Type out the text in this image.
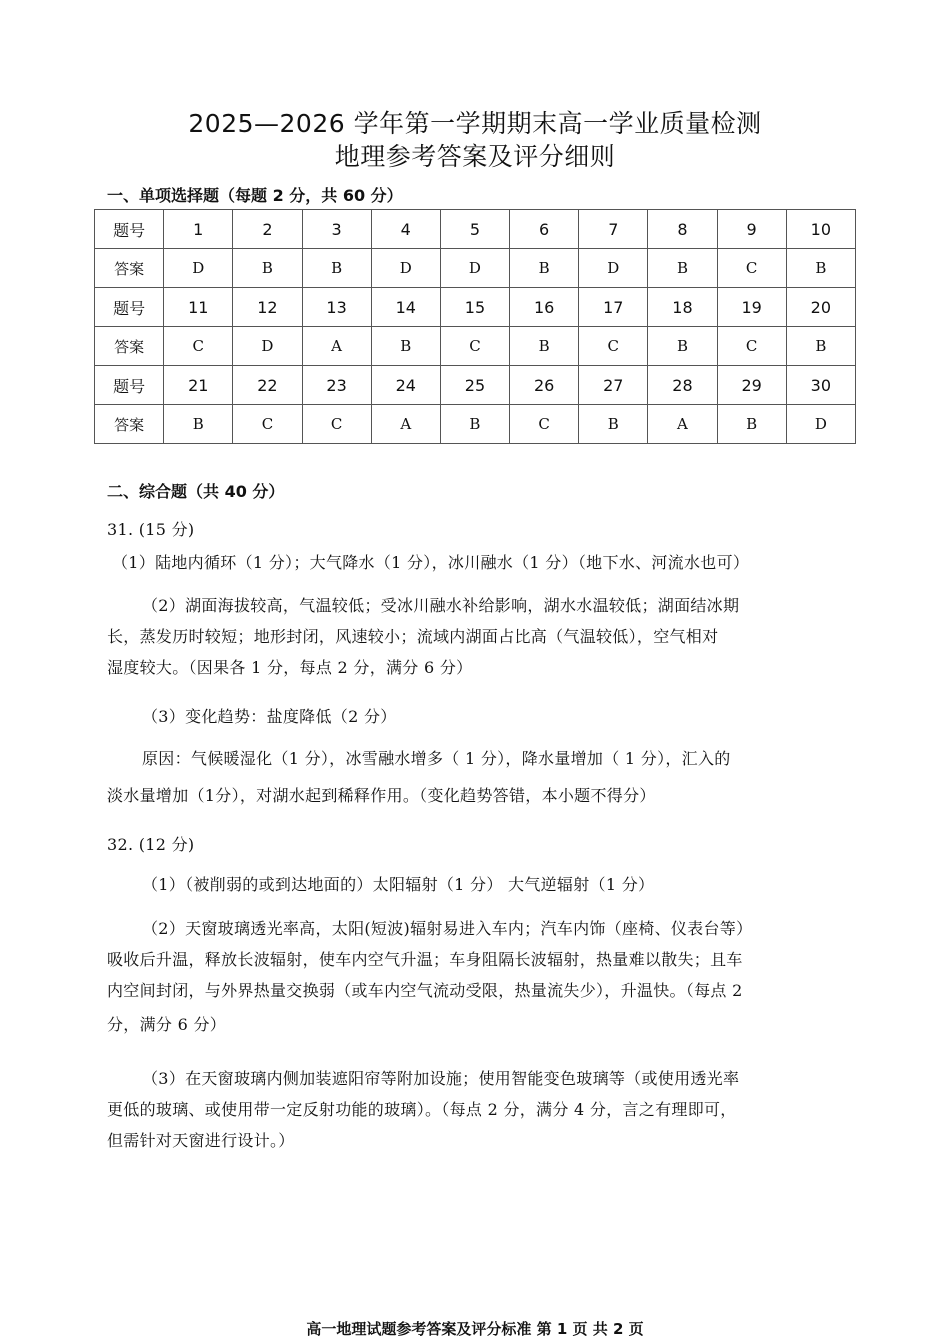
2025—2026 学年第一学期期末高一学业质量检测
地理参考答案及评分细则
一、单项选择题（每题 2 分，共 60 分）
题号	1	2	3	4	5	6	7	8	9	10
答案	D	B	B	D	D	B	D	B	C	B
题号	11	12	13	14	15	16	17	18	19	20
答案	C	D	A	B	C	B	C	B	C	B
题号	21	22	23	24	25	26	27	28	29	30
答案	B	C	C	A	B	C	B	A	B	D
二、综合题（共 40 分）
31. (15 分)
（1）陆地内循环（1 分）；大气降水（1 分），冰川融水（1 分）（地下水、河流水也可）
（2）湖面海拔较高，气温较低；受冰川融水补给影响，湖水水温较低；湖面结冰期
长，蒸发历时较短；地形封闭，风速较小；流域内湖面占比高（气温较低），空气相对
湿度较大。（因果各 1 分，每点 2 分，满分 6 分）
（3）变化趋势：盐度降低（2 分）
原因：气候暖湿化（1 分），冰雪融水增多（ 1 分），降水量增加（ 1 分），汇入的
淡水量增加（1分），对湖水起到稀释作用。（变化趋势答错，本小题不得分）
32. (12 分)
（1）（被削弱的或到达地面的）太阳辐射（1 分） 大气逆辐射（1 分）
（2）天窗玻璃透光率高，太阳(短波)辐射易进入车内；汽车内饰（座椅、仪表台等）
吸收后升温，释放长波辐射，使车内空气升温；车身阻隔长波辐射，热量难以散失；且车
内空间封闭，与外界热量交换弱（或车内空气流动受限，热量流失少），升温快。（每点 2
分，满分 6 分）
（3）在天窗玻璃内侧加装遮阳帘等附加设施；使用智能变色玻璃等（或使用透光率
更低的玻璃、或使用带一定反射功能的玻璃）。（每点 2 分，满分 4 分，言之有理即可，
但需针对天窗进行设计。）
高一地理试题参考答案及评分标准 第 1 页 共 2 页
